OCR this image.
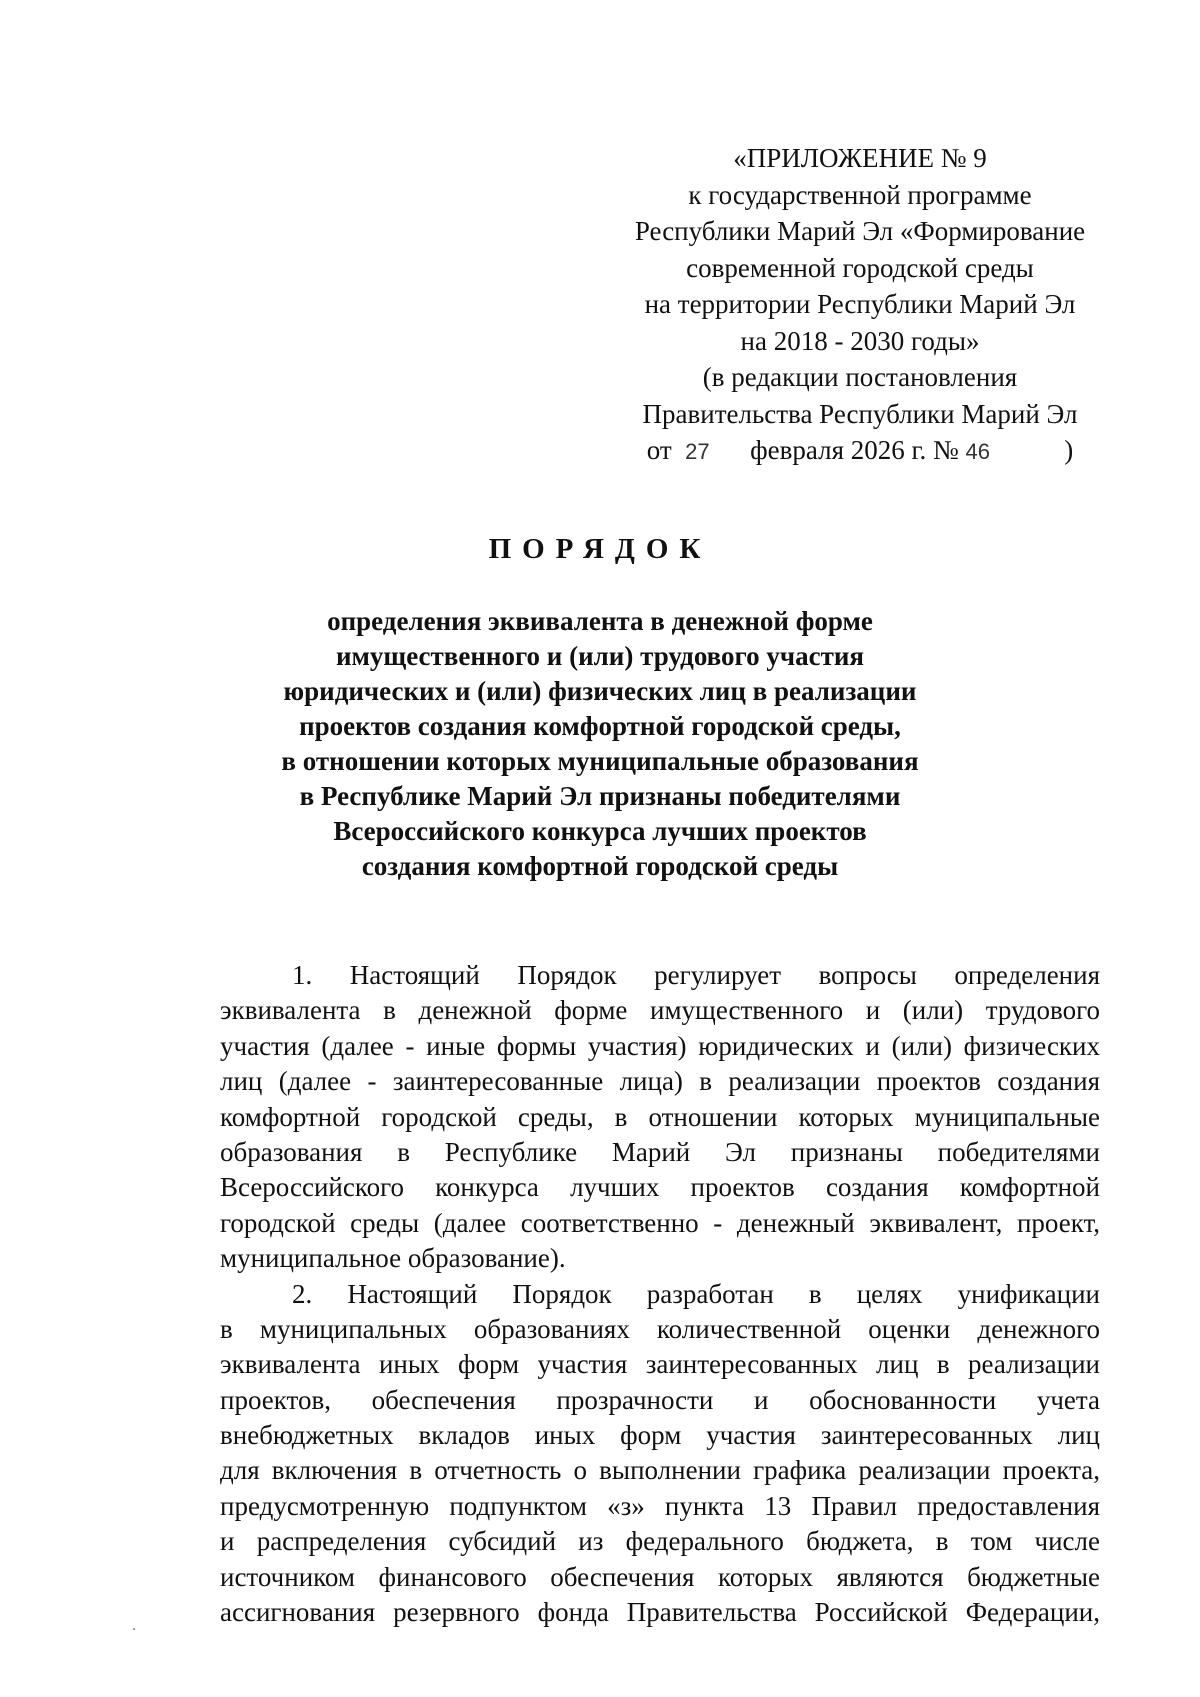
«ПРИЛОЖЕНИЕ № 9
к государственной программе
Республики Марий Эл «Формирование
современной городской среды
на территории Республики Марий Эл
на 2018 - 2030 годы»
(в редакции постановления
Правительства Республики Марий Эл
от 27 февраля 2026 г. № 46	)
ПОРЯДОК
определения эквивалента в денежной форме
имущественного и (или) трудового участия
юридических и (или) физических лиц в реализации
проектов создания комфортной городской среды,
в отношении которых муниципальные образования
в Республике Марий Эл признаны победителями
Всероссийского конкурса лучших проектов
создания комфортной городской среды
1. Настоящий Порядок регулирует вопросы определения
эквивалента в денежной форме имущественного и (или) трудового
участия (далее - иные формы участия) юридических и (или) физических
лиц (далее - заинтересованные лица) в реализации проектов создания
комфортной городской среды, в отношении которых муниципальные
образования в Республике Марий Эл признаны победителями
Всероссийского конкурса лучших проектов создания комфортной
городской среды (далее соответственно - денежный эквивалент, проект,
муниципальное образование).
2. Настоящий Порядок разработан в целях унификации
в муниципальных образованиях количественной оценки денежного
эквивалента иных форм участия заинтересованных лиц в реализации
проектов, обеспечения прозрачности и обоснованности учета
внебюджетных вкладов иных форм участия заинтересованных лиц
для включения в отчетность о выполнении графика реализации проекта,
предусмотренную подпунктом «з» пункта 13 Правил предоставления
и распределения субсидий из федерального бюджета, в том числе
источником финансового обеспечения которых являются бюджетные
ассигнования резервного фонда Правительства Российской Федерации,
